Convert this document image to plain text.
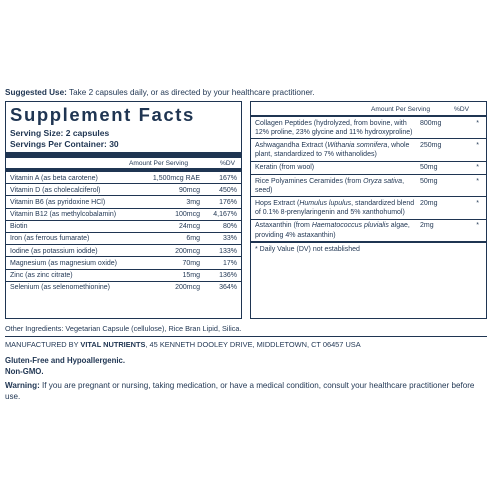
Suggested Use: Take 2 capsules daily, or as directed by your healthcare practitioner.
Supplement Facts
Serving Size: 2 capsules
Servings Per Container: 30
Amount Per Serving	%DV
Vitamin A (as beta carotene)	1,500mcg RAE	167%
Vitamin D (as cholecalciferol)	90mcg	450%
Vitamin B6 (as pyridoxine HCl)	3mg	176%
Vitamin B12 (as methylcobalamin)	100mcg 4,167%
Biotin	24mcg	80%
Iron (as ferrous fumarate)	6mg	33%
Iodine (as potassium iodide)	200mcg	133%
Magnesium (as magnesium oxide)	70mg	17%
Zinc (as zinc citrate)	15mg	136%
Selenium (as selenomethionine)	200mcg	364%
Amount Per Serving	%DV
Collagen Peptides (hydrolyzed, from bovine, with 12% proline, 23% glycine and 11% hydroxyproline)
800mg	*
Ashwagandha Extract (Withania somnifera, whole plant, standardized to 7% withanolides)
250mg	*
Keratin (from wool)	50mg	*
Rice Polyamines Ceramides (from Oryza sativa, seed)
50mg	*
Hops Extract (Humulus lupulus, standardized blend of 0.1% 8-prenylaringenin and 5% xanthohumol)
20mg	*
Astaxanthin (from Haematococcus pluvialis algae, providing 4% astaxanthin)
2mg	*
* Daily Value (DV) not established
Other Ingredients: Vegetarian Capsule (cellulose), Rice Bran Lipid, Silica.
MANUFACTURED BY VITAL NUTRIENTS, 45 KENNETH DOOLEY DRIVE, MIDDLETOWN, CT 06457 USA
Gluten-Free and Hypoallergenic.
Non-GMO.
Warning: If you are pregnant or nursing, taking medication, or have a medical condition, consult your healthcare practitioner before use.
